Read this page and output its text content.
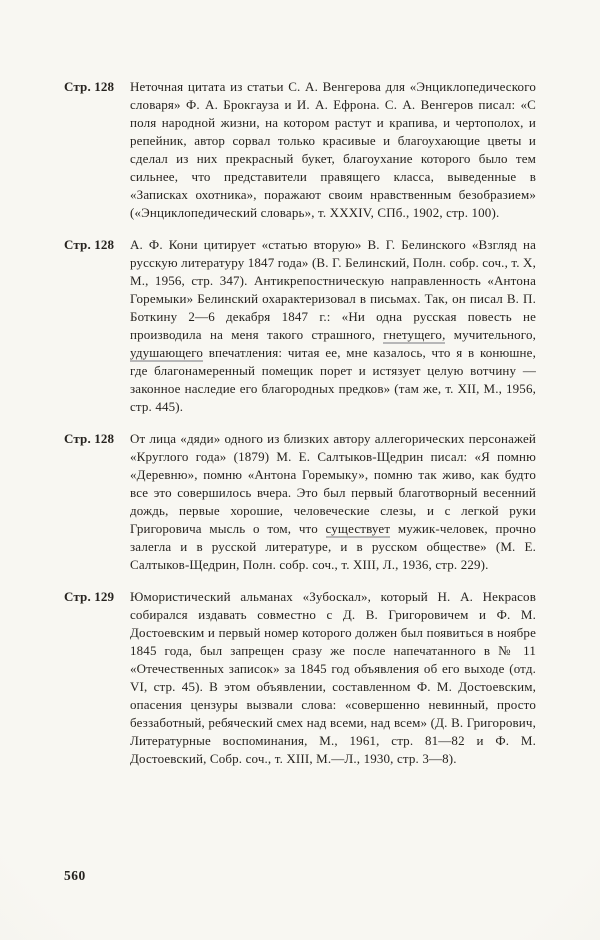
Стр. 128 Неточная цитата из статьи С. А. Венгерова для «Энциклопедического словаря» Ф. А. Брокгауза и И. А. Ефрона. С. А. Венгеров писал: «С поля народной жизни, на котором растут и крапива, и чертополох, и репейник, автор сорвал только красивые и благоухающие цветы и сделал из них прекрасный букет, благоухание которого было тем сильнее, что представители правящего класса, выведенные в «Записках охотника», поражают своим нравственным безобразием» («Энциклопедический словарь», т. XXXIV, СПб., 1902, стр. 100).

Стр. 128 А. Ф. Кони цитирует «статью вторую» В. Г. Белинского «Взгляд на русскую литературу 1847 года» (В. Г. Белинский, Полн. собр. соч., т. X, М., 1956, стр. 347). Антикрепостническую направленность «Антона Горемыки» Белинский охарактеризовал в письмах. Так, он писал В. П. Боткину 2—6 декабря 1847 г.: «Ни одна русская повесть не производила на меня такого страшного, гнетущего, мучительного, удушающего впечатления: читая ее, мне казалось, что я в конюшне, где благонамеренный помещик порет и истязует целую вотчину — законное наследие его благородных предков» (там же, т. XII, М., 1956, стр. 445).

Стр. 128 От лица «дяди» одного из близких автору аллегорических персонажей «Круглого года» (1879) М. Е. Салтыков-Щедрин писал: «Я помню «Деревню», помню «Антона Горемыку», помню так живо, как будто все это совершилось вчера. Это был первый благотворный весенний дождь, первые хорошие, человеческие слезы, и с легкой руки Григоровича мысль о том, что существует мужик-человек, прочно залегла и в русской литературе, и в русском обществе» (М. Е. Салтыков-Щедрин, Полн. собр. соч., т. XIII, Л., 1936, стр. 229).

Стр. 129 Юмористический альманах «Зубоскал», который Н. А. Некрасов собирался издавать совместно с Д. В. Григоровичем и Ф. М. Достоевским и первый номер которого должен был появиться в ноябре 1845 года, был запрещен сразу же после напечатанного в № 11 «Отечественных записок» за 1845 год объявления об его выходе (отд. VI, стр. 45). В этом объявлении, составленном Ф. М. Достоевским, опасения цензуры вызвали слова: «совершенно невинный, просто беззаботный, ребяческий смех над всеми, над всем» (Д. В. Григорович, Литературные воспоминания, М., 1961, стр. 81—82 и Ф. М. Достоевский, Собр. соч., т. XIII, М.—Л., 1930, стр. 3—8).

560
